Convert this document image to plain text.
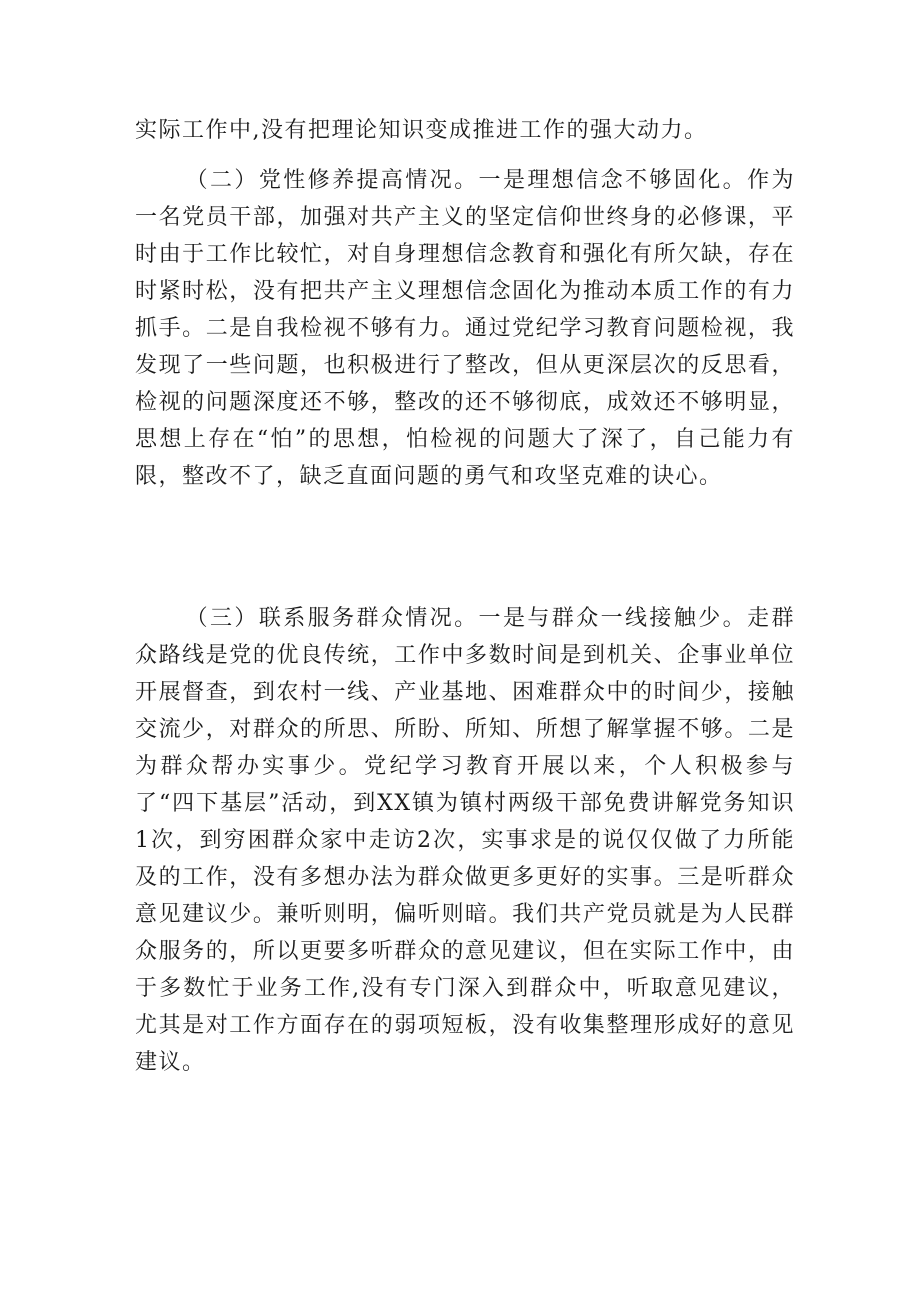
实际工作中,没有把理论知识变成推进工作的强大动力。

（二）党性修养提高情况。一是理想信念不够固化。作为一名党员干部，加强对共产主义的坚定信仰世终身的必修课，平时由于工作比较忙，对自身理想信念教育和强化有所欠缺，存在时紧时松，没有把共产主义理想信念固化为推动本质工作的有力抓手。二是自我检视不够有力。通过党纪学习教育问题检视，我发现了一些问题，也积极进行了整改，但从更深层次的反思看，检视的问题深度还不够，整改的还不够彻底，成效还不够明显，思想上存在“怕”的思想，怕检视的问题大了深了，自己能力有限，整改不了，缺乏直面问题的勇气和攻坚克难的诀心。

（三）联系服务群众情况。一是与群众一线接触少。走群众路线是党的优良传统，工作中多数时间是到机关、企事业单位开展督查，到农村一线、产业基地、困难群众中的时间少，接触交流少，对群众的所思、所盼、所知、所想了解掌握不够。二是为群众帮办实事少。党纪学习教育开展以来，个人积极参与了“四下基层”活动，到XX镇为镇村两级干部免费讲解党务知识1次，到穷困群众家中走访2次，实事求是的说仅仅做了力所能及的工作，没有多想办法为群众做更多更好的实事。三是听群众意见建议少。兼听则明，偏听则暗。我们共产党员就是为人民群众服务的，所以更要多听群众的意见建议，但在实际工作中，由于多数忙于业务工作,没有专门深入到群众中，听取意见建议，尤其是对工作方面存在的弱项短板，没有收集整理形成好的意见建议。
